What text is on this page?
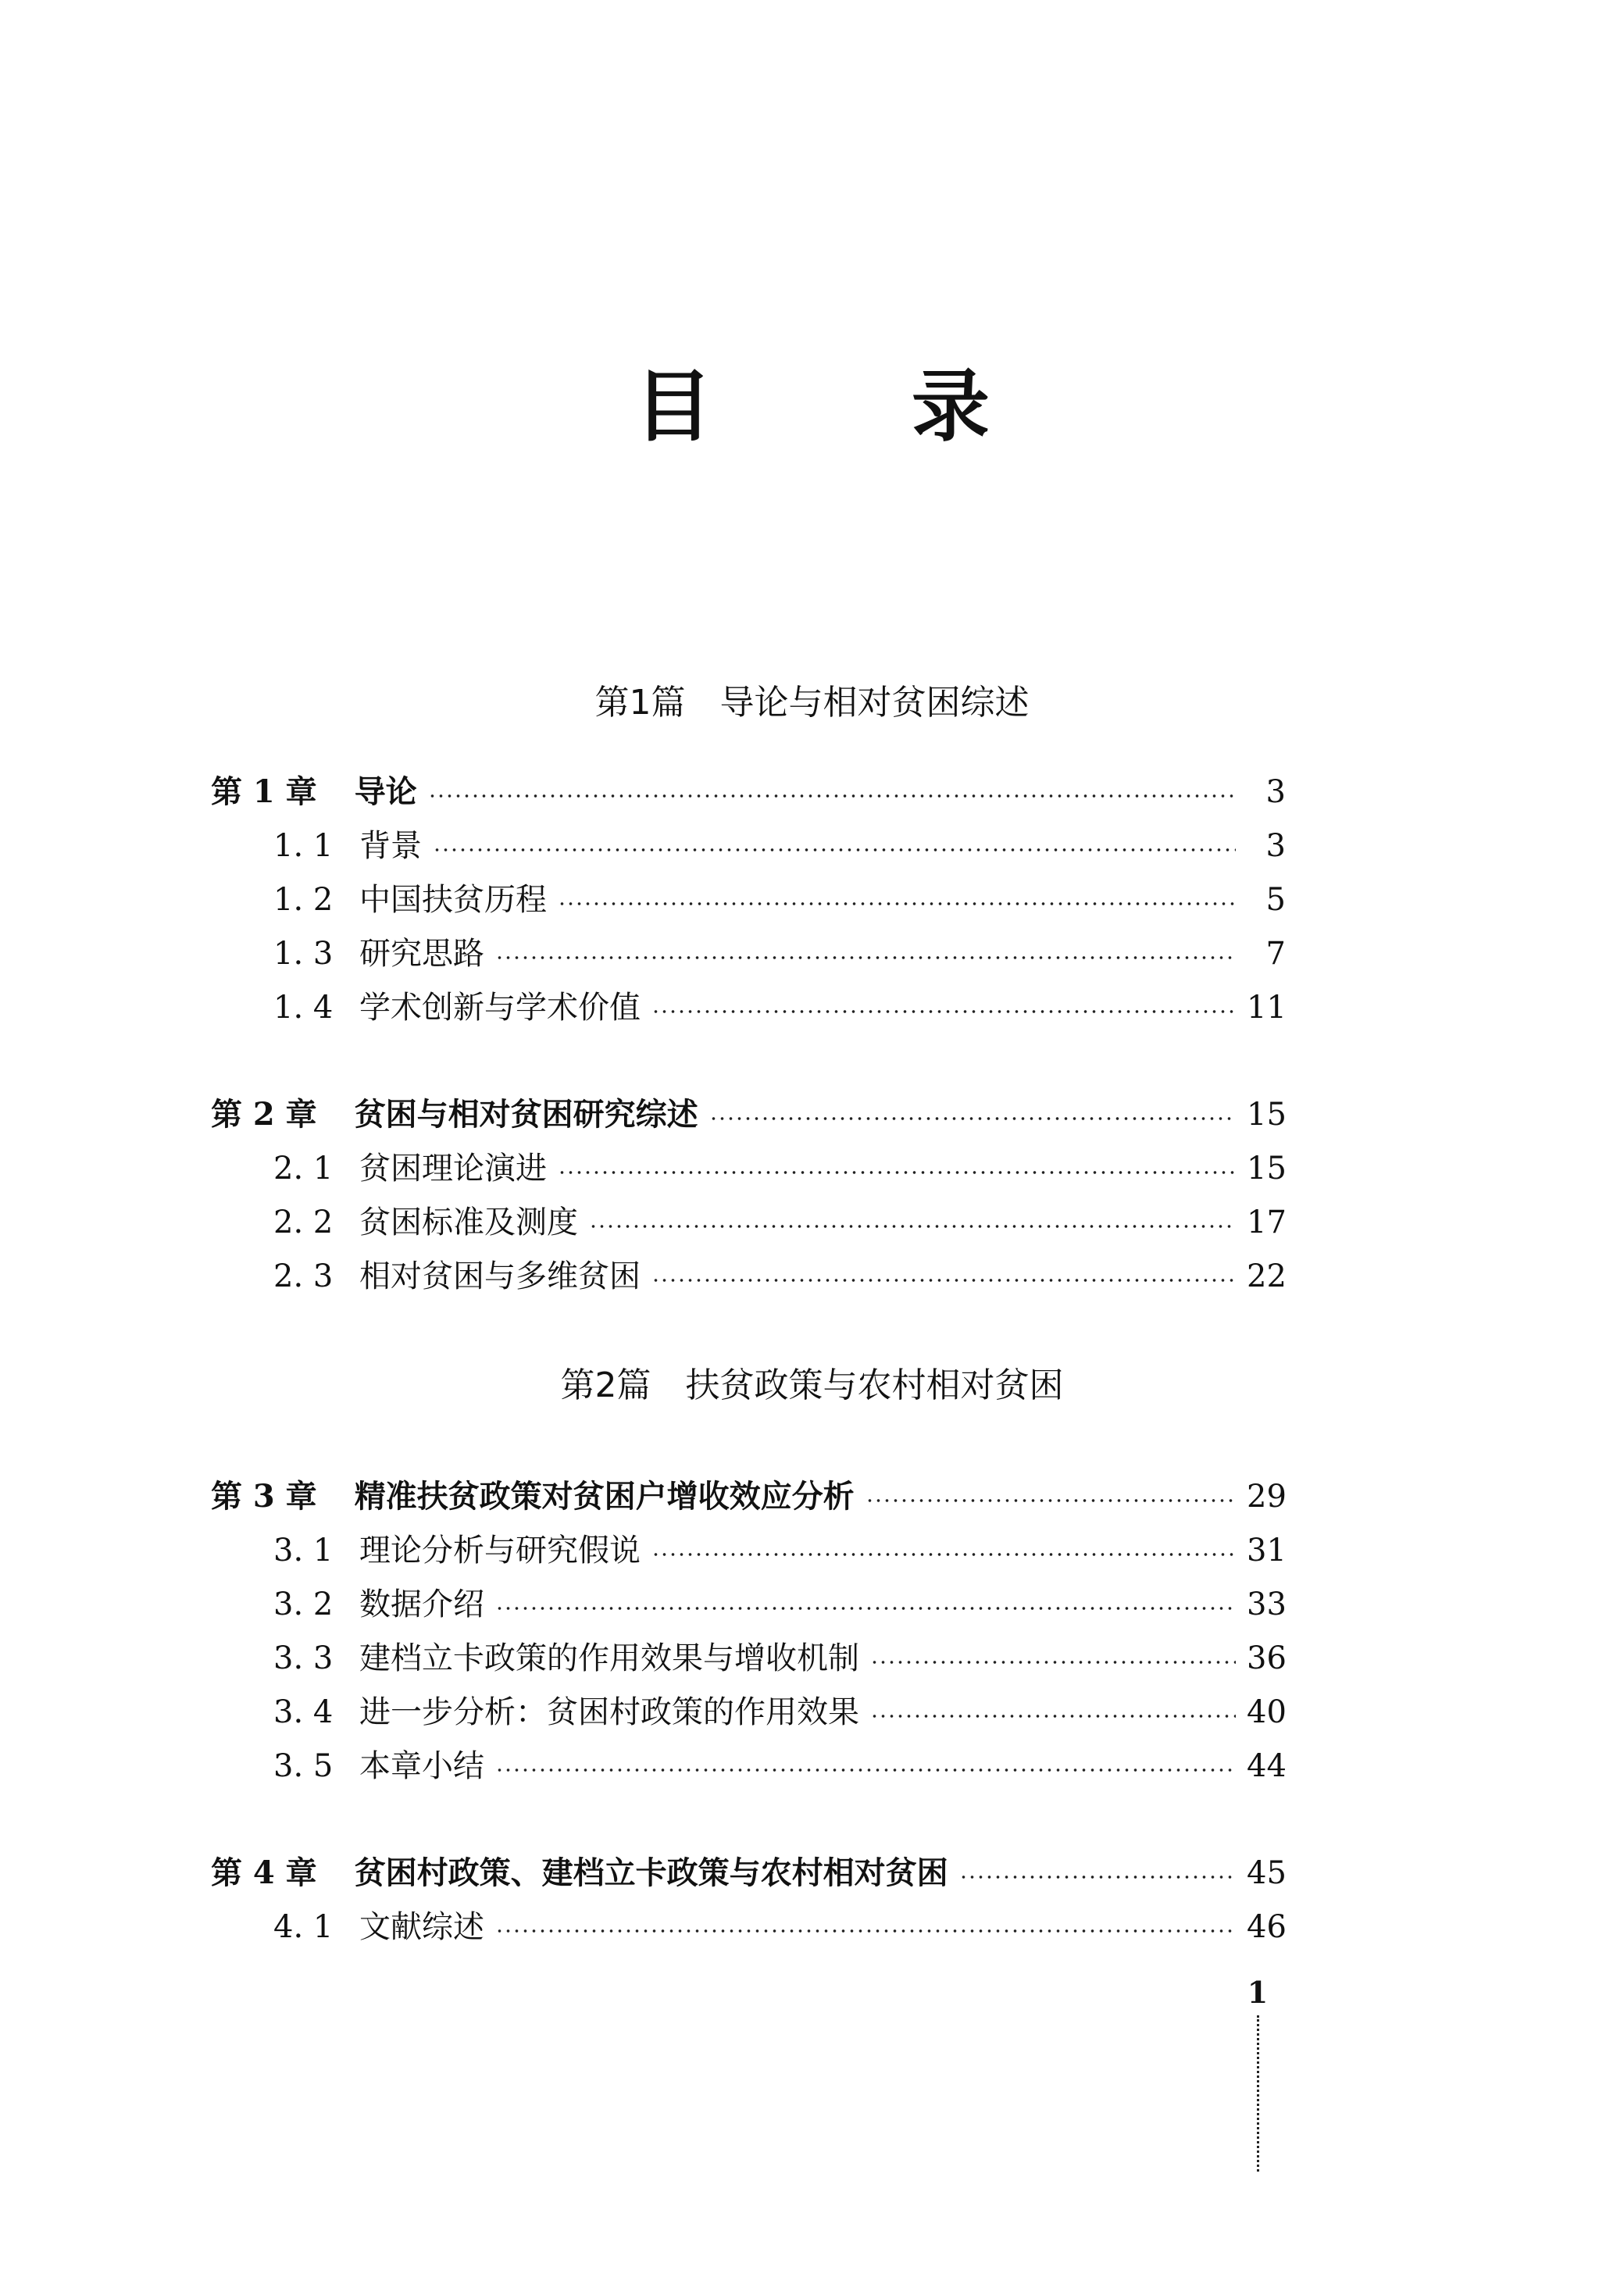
目 录
第1篇 导论与相对贫困综述
第 1 章 导论	3
1. 1 背景	3
1. 2 中国扶贫历程	5
1. 3 研究思路	7
1. 4 学术创新与学术价值	11
第 2 章 贫困与相对贫困研究综述	15
2. 1 贫困理论演进	15
2. 2 贫困标准及测度	17
2. 3 相对贫困与多维贫困	22
第2篇 扶贫政策与农村相对贫困
第 3 章 精准扶贫政策对贫困户增收效应分析	29
3. 1 理论分析与研究假说	31
3. 2 数据介绍	33
3. 3 建档立卡政策的作用效果与增收机制	36
3. 4 进一步分析：贫困村政策的作用效果	40
3. 5 本章小结	44
第 4 章 贫困村政策、建档立卡政策与农村相对贫困	45
4. 1 文献综述	46
1
